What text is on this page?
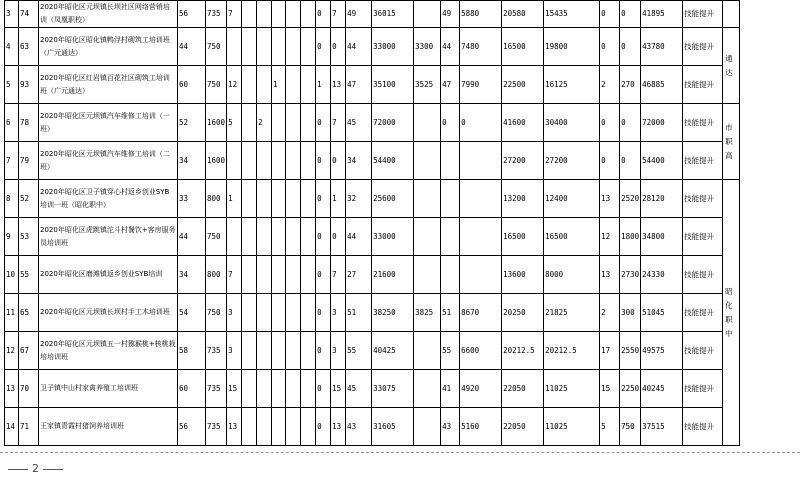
3	74	2020年昭化区元坝镇长坝社区网络营销培训（凤凰职校）	56	735	7						0	7	49	36015		49	5880	20580	15435	0	0	41895	技能提升	
4	63	2020年昭化区昭化镇鸭浮村砌筑工培训班（广元通达）	44	750							0	0	44	33000	3300	44	7480	16500	19800	0	0	43780	技能提升	通达
5	93	2020年昭化区红岩镇百花社区砌筑工培训班（广元通达）	60	750	12			1			1	13	47	35100	3525	47	7990	22500	16125	2	270	46885	技能提升	
6	78	2020年昭化区元坝镇汽车维修工培训（一班）	52	1600	5		2				0	7	45	72000		0	0	41600	30400	0	0	72000	技能提升	市职高
7	79	2020年昭化区元坝镇汽车维修工培训（二班）	34	1600							0	0	34	54400				27200	27200	0	0	54400	技能提升	
8	52	2020年昭化区卫子镇穿心村返乡创业SYB培训一班（昭化职中）	33	800	1						0	1	32	25600				13200	12400	13	2520	28120	技能提升	昭化职中
9	53	2020年昭化区虎跳镇沱斗村餐饮+客房服务员培训班	44	750							0	0	44	33000				16500	16500	12	1800	34800	技能提升	
10	55	2020年昭化区磨滩镇返乡创业SYB培训	34	800	7						0	7	27	21600				13600	8000	13	2730	24330	技能提升	
11	65	2020年昭化区元坝镇长坝村手工木培训班	54	750	3						0	3	51	38250	3825	51	8670	20250	21825	2	300	51045	技能提升	
12	67	2020年昭化区元坝镇五一村猕猴桃+核桃栽培培训班	58	735	3						0	3	55	40425		55	6600	20212.5	20212.5	17	2550	49575	技能提升	
13	70	卫子镇中山村家禽养殖工培训班	60	735	15						0	15	45	33075		41	4920	22050	11025	15	2250	40245	技能提升	
14	71	王家镇青霞村猪饲养培训班	56	735	13						0	13	43	31605		43	5160	22050	11025	5	750	37515	技能提升	
2
